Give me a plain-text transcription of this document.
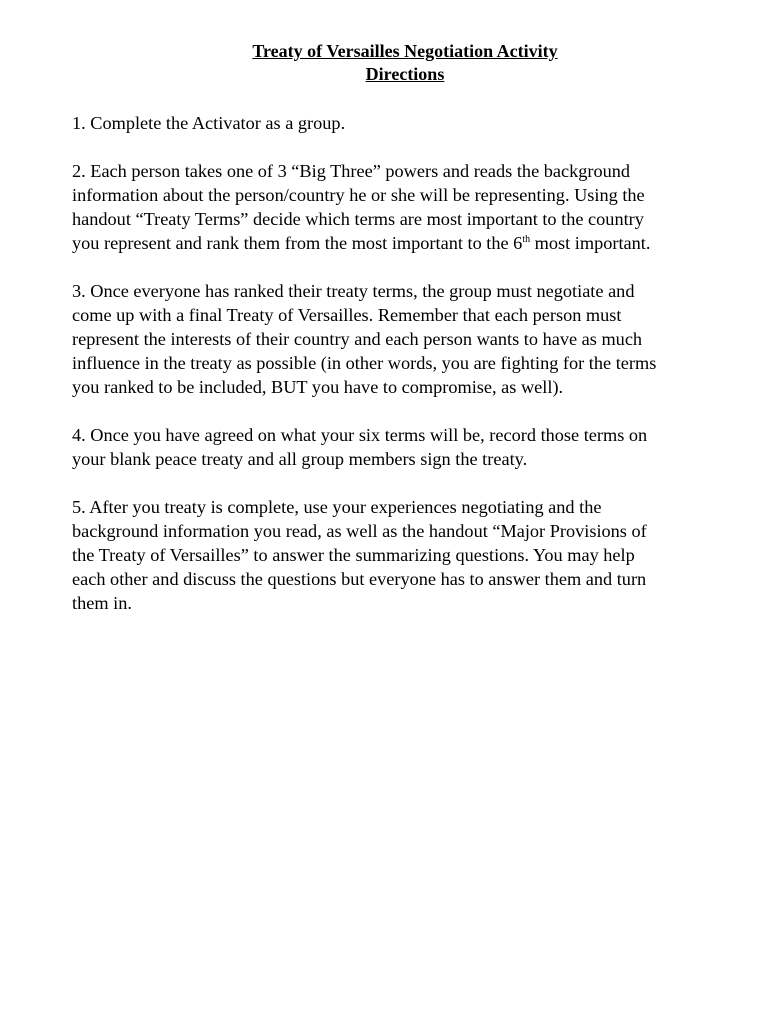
Treaty of Versailles Negotiation Activity
Directions

1. Complete the Activator as a group.

2. Each person takes one of 3 “Big Three” powers and reads the background
information about the person/country he or she will be representing. Using the
handout “Treaty Terms” decide which terms are most important to the country
you represent and rank them from the most important to the 6th most important.

3. Once everyone has ranked their treaty terms, the group must negotiate and
come up with a final Treaty of Versailles. Remember that each person must
represent the interests of their country and each person wants to have as much
influence in the treaty as possible (in other words, you are fighting for the terms
you ranked to be included, BUT you have to compromise, as well).

4. Once you have agreed on what your six terms will be, record those terms on
your blank peace treaty and all group members sign the treaty.

5. After you treaty is complete, use your experiences negotiating and the
background information you read, as well as the handout “Major Provisions of
the Treaty of Versailles” to answer the summarizing questions. You may help
each other and discuss the questions but everyone has to answer them and turn
them in.
